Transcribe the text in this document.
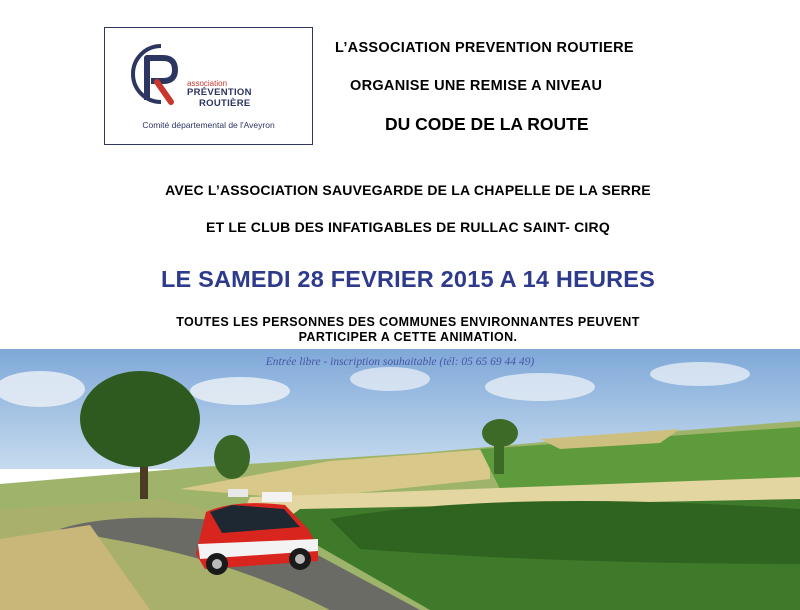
association
PRÉVENTION
ROUTIÈRE
Comité départemental de l'Aveyron
L’ASSOCIATION PREVENTION ROUTIERE
ORGANISE UNE REMISE A NIVEAU
DU CODE DE LA ROUTE
AVEC L’ASSOCIATION SAUVEGARDE DE LA CHAPELLE DE LA SERRE
ET LE CLUB DES INFATIGABLES DE RULLAC SAINT- CIRQ
LE SAMEDI 28 FEVRIER 2015 A 14 HEURES
TOUTES LES PERSONNES DES COMMUNES ENVIRONNANTES PEUVENT
PARTICIPER A CETTE ANIMATION.
Entrée libre - inscription souhaitable (tél: 05 65 69 44 49)
